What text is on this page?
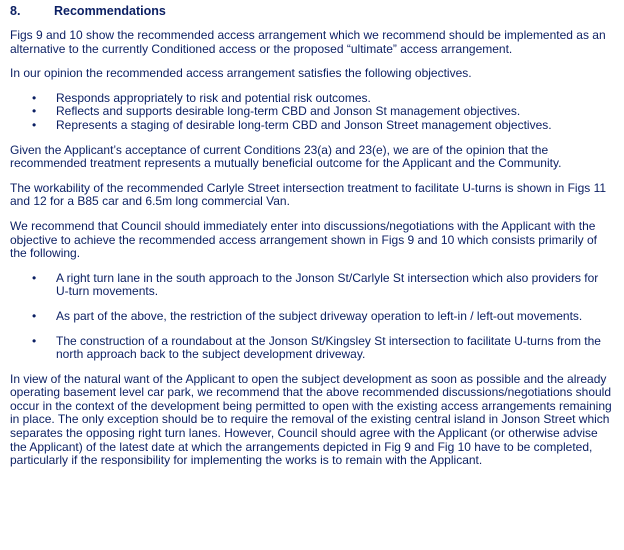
8.	Recommendations

Figs 9 and 10 show the recommended access arrangement which we recommend should be implemented as an alternative to the currently Conditioned access or the proposed “ultimate” access arrangement.

In our opinion the recommended access arrangement satisfies the following objectives.

• Responds appropriately to risk and potential risk outcomes.
• Reflects and supports desirable long-term CBD and Jonson St management objectives.
• Represents a staging of desirable long-term CBD and Jonson Street management objectives.

Given the Applicant’s acceptance of current Conditions 23(a) and 23(e), we are of the opinion that the recommended treatment represents a mutually beneficial outcome for the Applicant and the Community.

The workability of the recommended Carlyle Street intersection treatment to facilitate U-turns is shown in Figs 11 and 12 for a B85 car and 6.5m long commercial Van.

We recommend that Council should immediately enter into discussions/negotiations with the Applicant with the objective to achieve the recommended access arrangement shown in Figs 9 and 10 which consists primarily of the following.

• A right turn lane in the south approach to the Jonson St/Carlyle St intersection which also providers for U-turn movements.
• As part of the above, the restriction of the subject driveway operation to left-in / left-out movements.
• The construction of a roundabout at the Jonson St/Kingsley St intersection to facilitate U-turns from the north approach back to the subject development driveway.

In view of the natural want of the Applicant to open the subject development as soon as possible and the already operating basement level car park, we recommend that the above recommended discussions/negotiations should occur in the context of the development being permitted to open with the existing access arrangements remaining in place. The only exception should be to require the removal of the existing central island in Jonson Street which separates the opposing right turn lanes. However, Council should agree with the Applicant (or otherwise advise the Applicant) of the latest date at which the arrangements depicted in Fig 9 and Fig 10 have to be completed, particularly if the responsibility for implementing the works is to remain with the Applicant.
